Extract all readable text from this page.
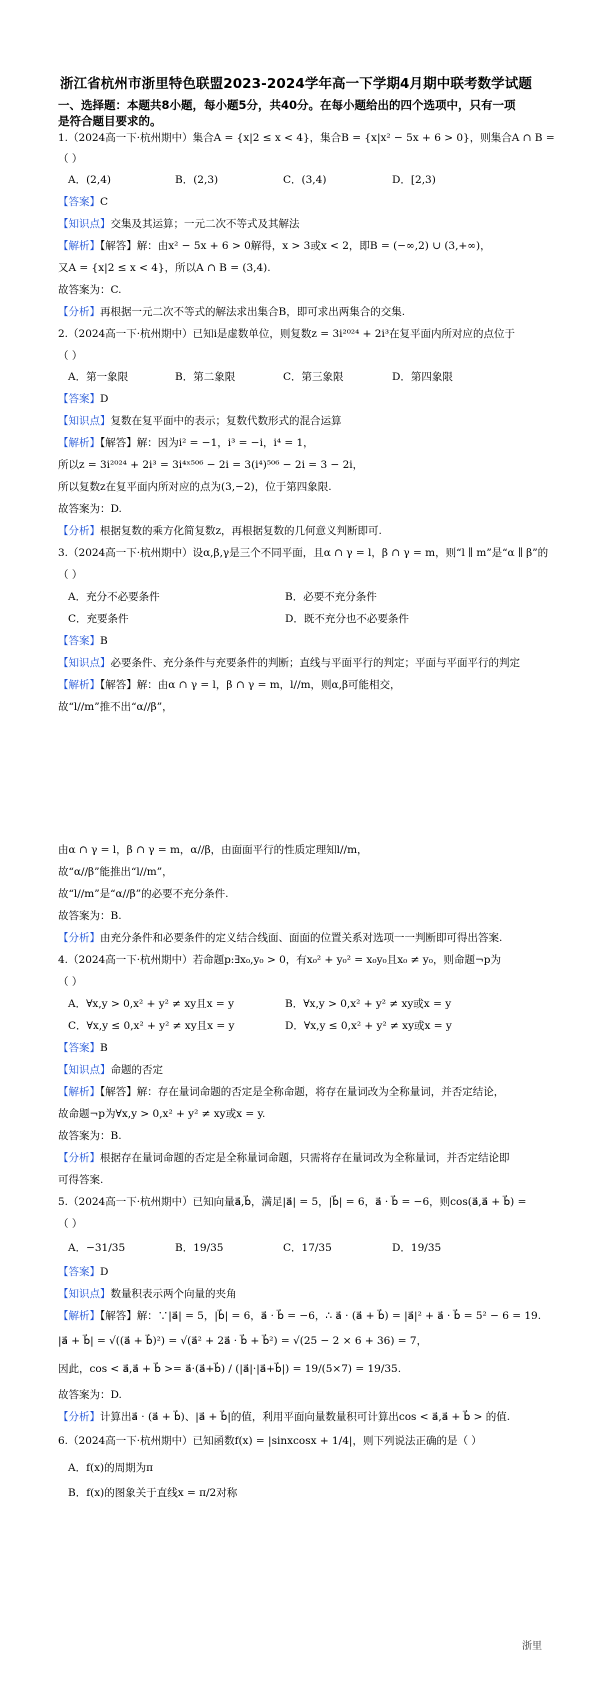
浙江省杭州市浙里特色联盟2023-2024学年高一下学期4月期中联考数学试题
一、选择题：本题共8小题，每小题5分，共40分。在每小题给出的四个选项中，只有一项
是符合题目要求的。
1.（2024高一下·杭州期中）集合A = {x|2 ≤ x < 4}，集合B = {x|x² − 5x + 6 > 0}，则集合A ∩ B =
（ ）
A．(2,4)	B．(2,3)	C．(3,4)	D．[2,3)
【答案】C
【知识点】交集及其运算；一元二次不等式及其解法
【解析】【解答】解：由x² − 5x + 6 > 0解得，x > 3或x < 2，即B = (−∞,2) ∪ (3,+∞)，
又A = {x|2 ≤ x < 4}，所以A ∩ B = (3,4).
故答案为：C.
【分析】再根据一元二次不等式的解法求出集合B，即可求出两集合的交集.
2.（2024高一下·杭州期中）已知i是虚数单位，则复数z = 3i²⁰²⁴ + 2i³在复平面内所对应的点位于
（ ）
A．第一象限	B．第二象限	C．第三象限	D．第四象限
【答案】D
【知识点】复数在复平面中的表示；复数代数形式的混合运算
【解析】【解答】解：因为i² = −1，i³ = −i，i⁴ = 1，
所以z = 3i²⁰²⁴ + 2i³ = 3i⁴ˣ⁵⁰⁶ − 2i = 3(i⁴)⁵⁰⁶ − 2i = 3 − 2i，
所以复数z在复平面内所对应的点为(3,−2)，位于第四象限.
故答案为：D.
【分析】根据复数的乘方化简复数z，再根据复数的几何意义判断即可.
3.（2024高一下·杭州期中）设α,β,γ是三个不同平面，且α ∩ γ = l，β ∩ γ = m，则“l ∥ m”是“α ∥ β”的
（ ）
A．充分不必要条件	B．必要不充分条件
C．充要条件	D．既不充分也不必要条件
【答案】B
【知识点】必要条件、充分条件与充要条件的判断；直线与平面平行的判定；平面与平面平行的判定
【解析】【解答】解：由α ∩ γ = l，β ∩ γ = m，l//m，则α,β可能相交，
故“l//m”推不出“α//β”，
由α ∩ γ = l，β ∩ γ = m，α//β，由面面平行的性质定理知l//m，
故“α//β”能推出“l//m”，
故“l//m”是“α//β”的必要不充分条件.
故答案为：B.
【分析】由充分条件和必要条件的定义结合线面、面面的位置关系对选项一一判断即可得出答案.
4.（2024高一下·杭州期中）若命题p:∃x₀,y₀ > 0，有x₀² + y₀² = x₀y₀且x₀ ≠ y₀，则命题¬p为
（ ）
A．∀x,y > 0,x² + y² ≠ xy且x = y	B．∀x,y > 0,x² + y² ≠ xy或x = y
C．∀x,y ≤ 0,x² + y² ≠ xy且x = y	D．∀x,y ≤ 0,x² + y² ≠ xy或x = y
【答案】B
【知识点】命题的否定
【解析】【解答】解：存在量词命题的否定是全称命题，将存在量词改为全称量词，并否定结论，
故命题¬p为∀x,y > 0,x² + y² ≠ xy或x = y.
故答案为：B.
【分析】根据存在量词命题的否定是全称量词命题，只需将存在量词改为全称量词，并否定结论即
可得答案.
5.（2024高一下·杭州期中）已知向量a⃗,b⃗，满足|a⃗| = 5，|b⃗| = 6，a⃗ · b⃗ = −6，则cos(a⃗,a⃗ + b⃗) =
（ ）
A．−31/35	B．19/35	C．17/35	D．19/35
【答案】D
【知识点】数量积表示两个向量的夹角
【解析】【解答】解：∵|a⃗| = 5，|b⃗| = 6，a⃗ · b⃗ = −6，∴ a⃗ · (a⃗ + b⃗) = |a⃗|² + a⃗ · b⃗ = 5² − 6 = 19.
|a⃗ + b⃗| = √((a⃗ + b⃗)²) = √(a⃗² + 2a⃗ · b⃗ + b⃗²) = √(25 − 2 × 6 + 36) = 7，
因此，cos < a⃗,a⃗ + b⃗ >= a⃗·(a⃗+b⃗) / (|a⃗|·|a⃗+b⃗|) = 19/(5×7) = 19/35.
故答案为：D.
【分析】计算出a⃗ · (a⃗ + b⃗)、|a⃗ + b⃗|的值，利用平面向量数量积可计算出cos < a⃗,a⃗ + b⃗ > 的值.
6.（2024高一下·杭州期中）已知函数f(x) = |sinxcosx + 1/4|，则下列说法正确的是（ ）
A．f(x)的周期为π
B．f(x)的图象关于直线x = π/2对称
浙里
